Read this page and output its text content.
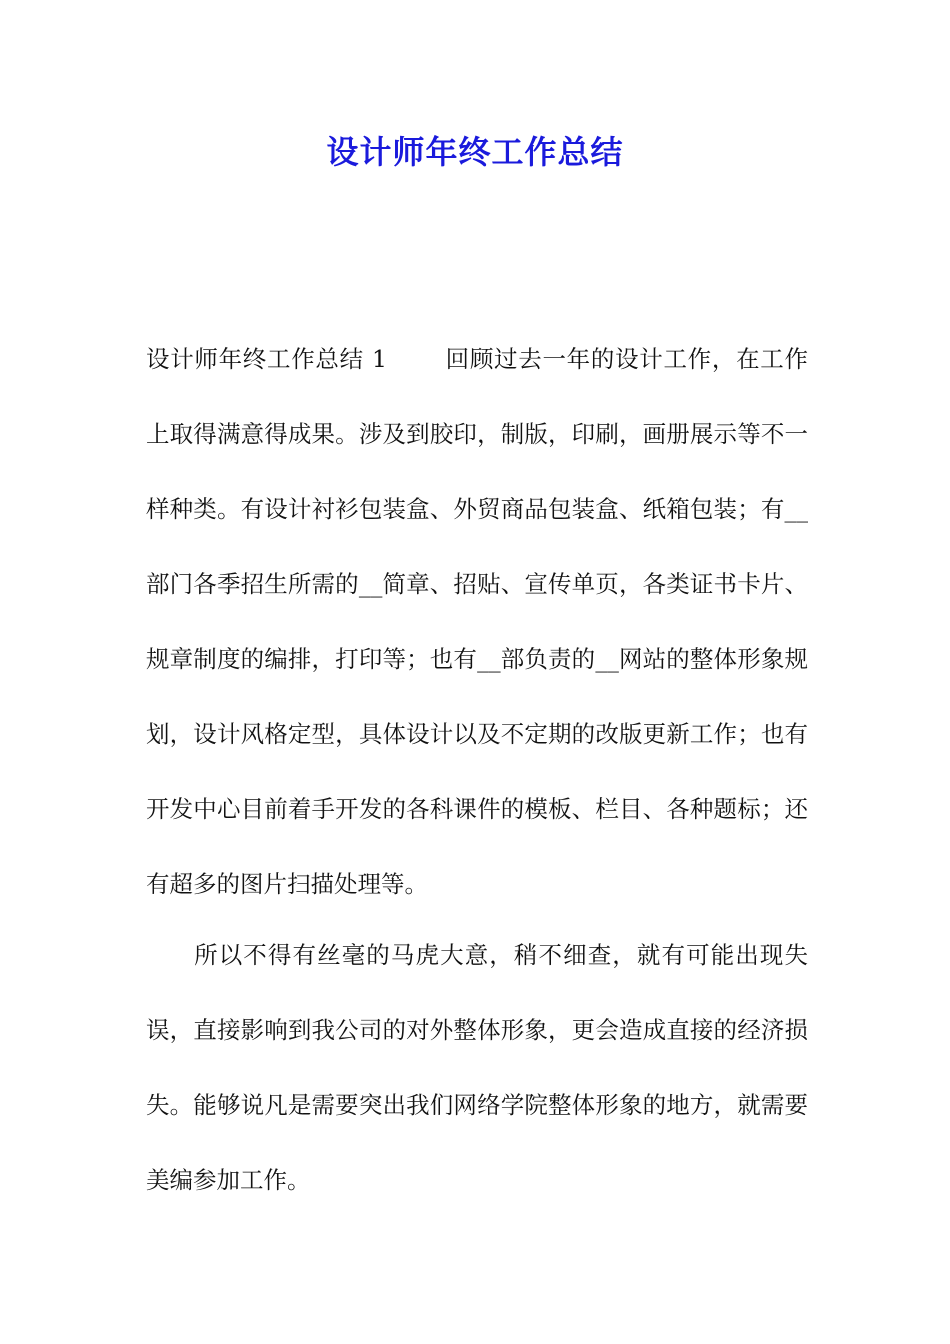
设计师年终工作总结

设计师年终工作总结 1 回顾过去一年的设计工作，在工作上取得满意得成果。涉及到胶印，制版，印刷，画册展示等不一样种类。有设计衬衫包装盒、外贸商品包装盒、纸箱包装；有__部门各季招生所需的__简章、招贴、宣传单页，各类证书卡片、规章制度的编排，打印等；也有__部负责的__网站的整体形象规划，设计风格定型，具体设计以及不定期的改版更新工作；也有开发中心目前着手开发的各科课件的模板、栏目、各种题标；还有超多的图片扫描处理等。

所以不得有丝毫的马虎大意，稍不细查，就有可能出现失误，直接影响到我公司的对外整体形象，更会造成直接的经济损失。能够说凡是需要突出我们网络学院整体形象的地方，就需要美编参加工作。
